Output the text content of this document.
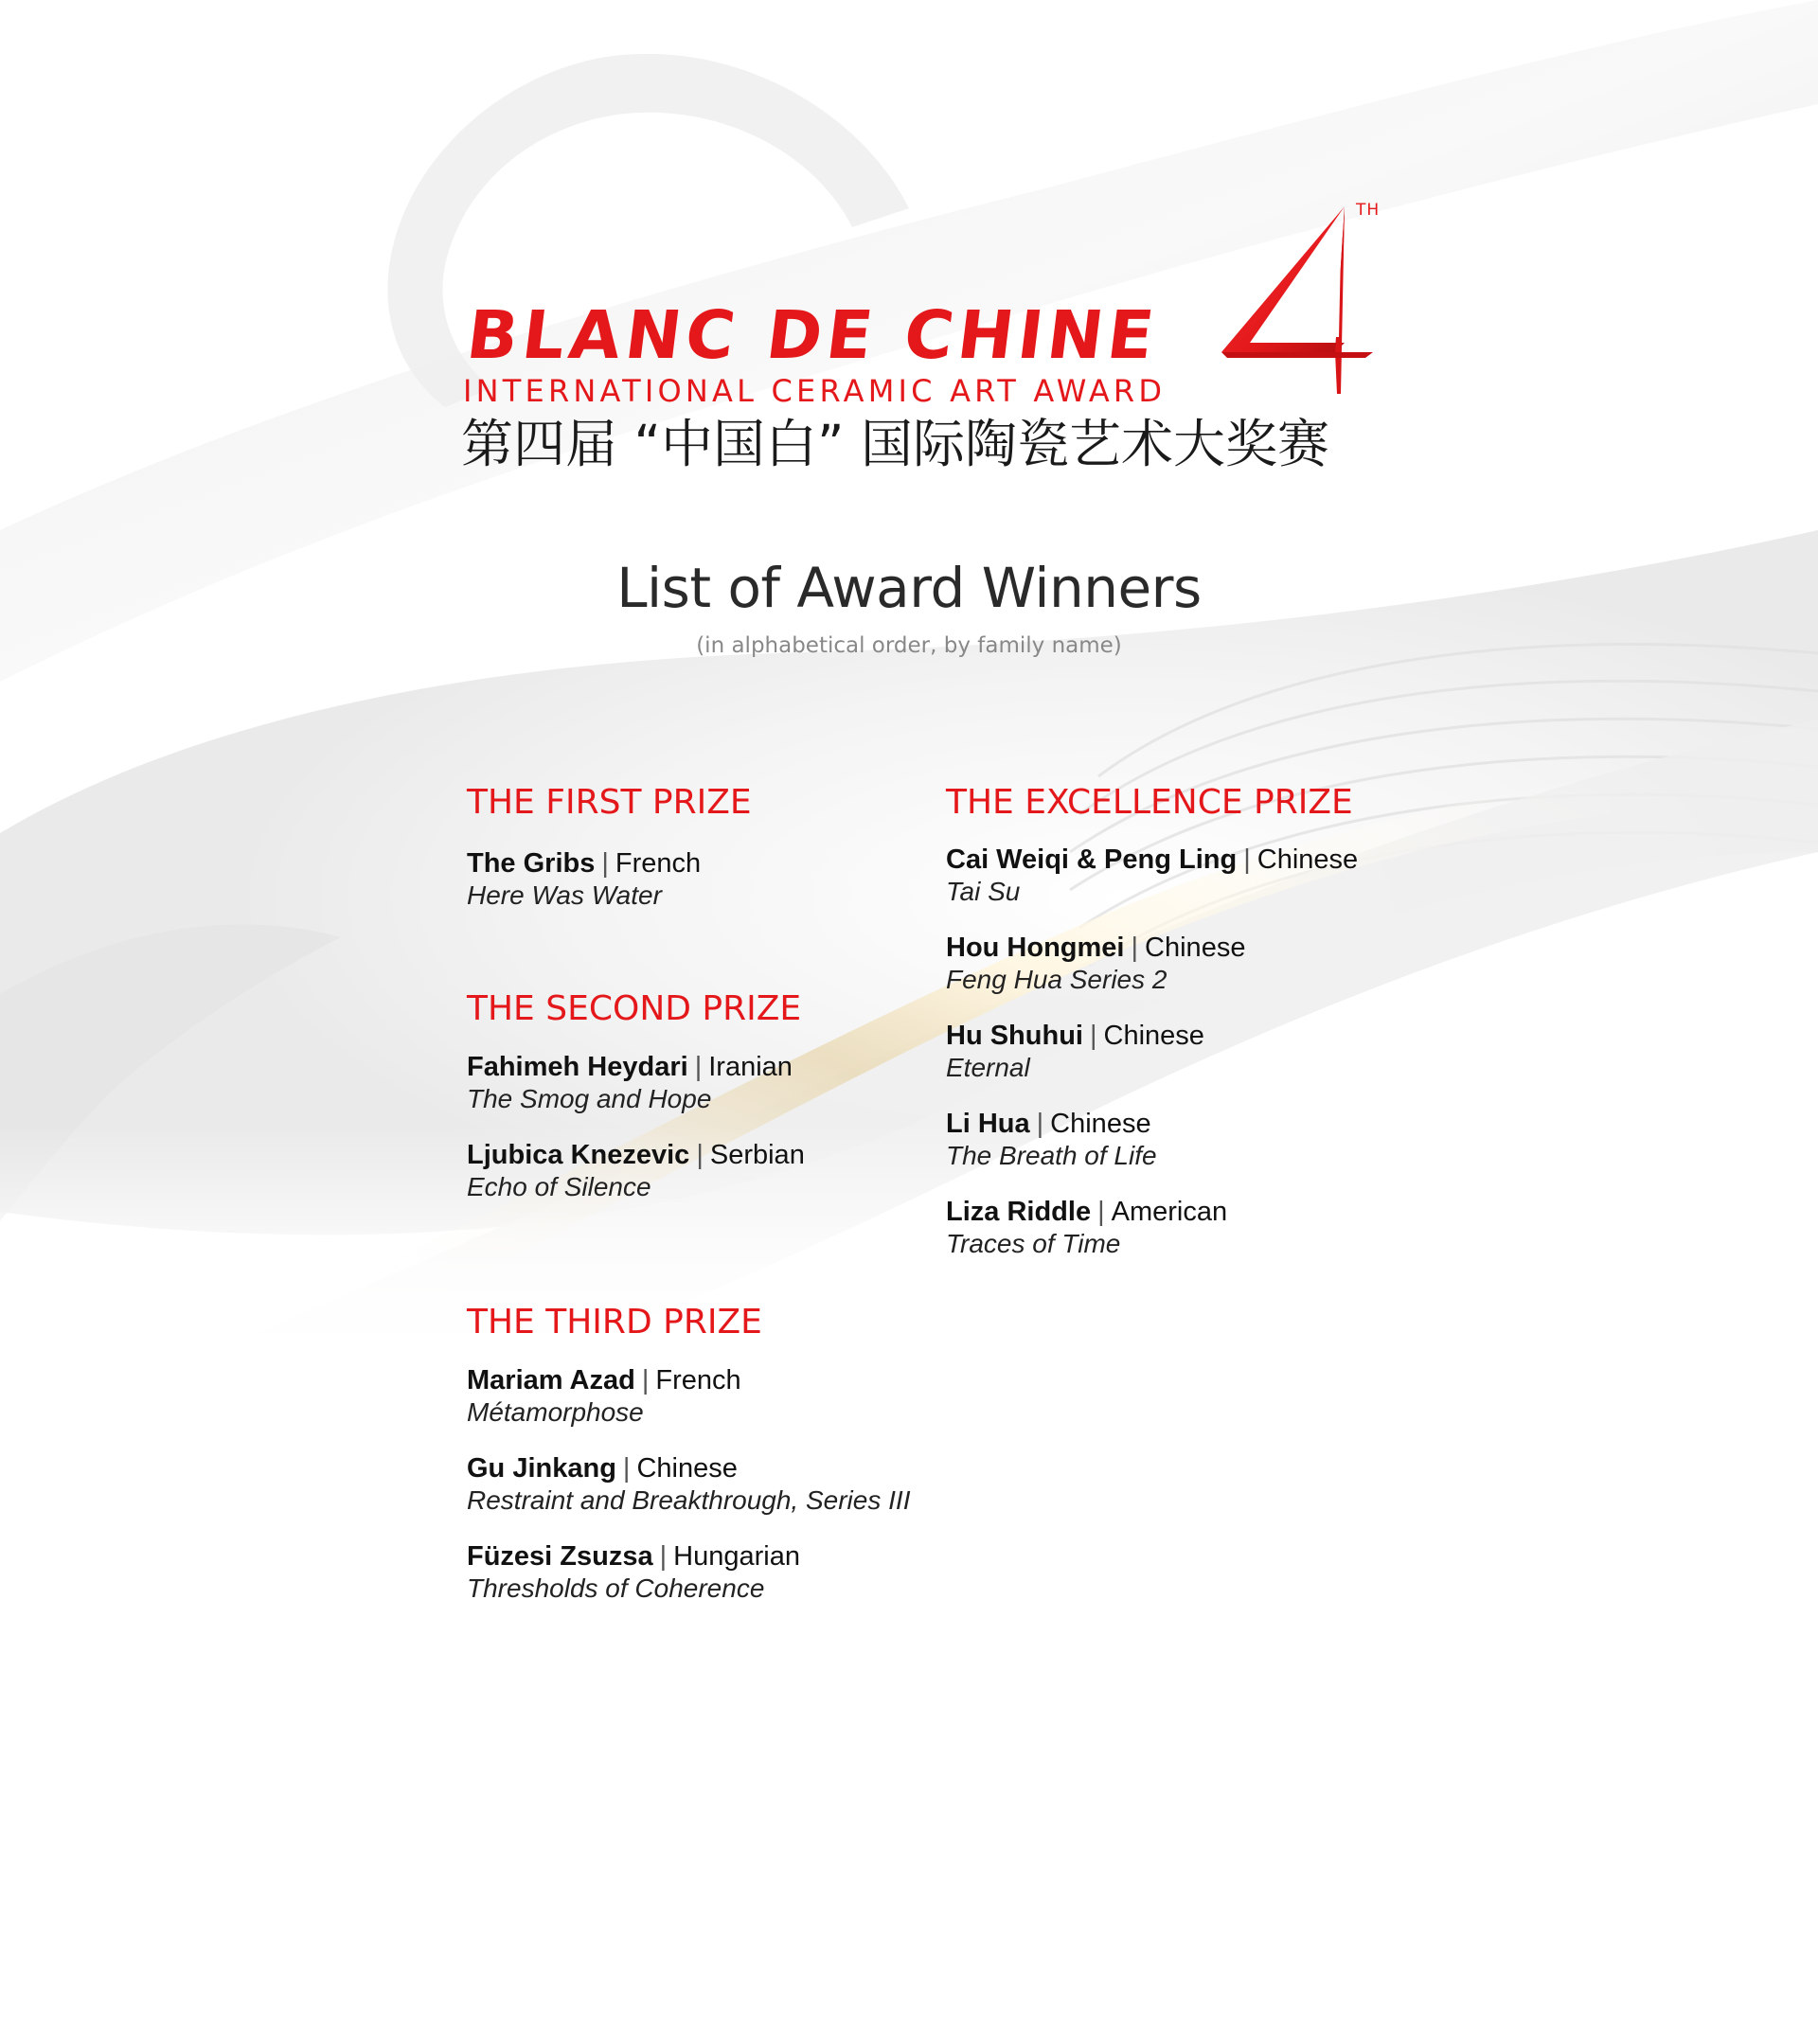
BLANC DE CHINE
INTERNATIONAL CERAMIC ART AWARD
第四届 “中国白” 国际陶瓷艺术大奖赛
TH
List of Award Winners
(in alphabetical order, by family name)
THE FIRST PRIZE
The Gribs | French
Here Was Water
THE SECOND PRIZE
Fahimeh Heydari | Iranian
The Smog and Hope
Ljubica Knezevic | Serbian
Echo of Silence
THE THIRD PRIZE
Mariam Azad | French
Métamorphose
Gu Jinkang | Chinese
Restraint and Breakthrough, Series III
Füzesi Zsuzsa | Hungarian
Thresholds of Coherence
THE EXCELLENCE PRIZE
Cai Weiqi & Peng Ling | Chinese
Tai Su
Hou Hongmei | Chinese
Feng Hua Series 2
Hu Shuhui | Chinese
Eternal
Li Hua | Chinese
The Breath of Life
Liza Riddle | American
Traces of Time
